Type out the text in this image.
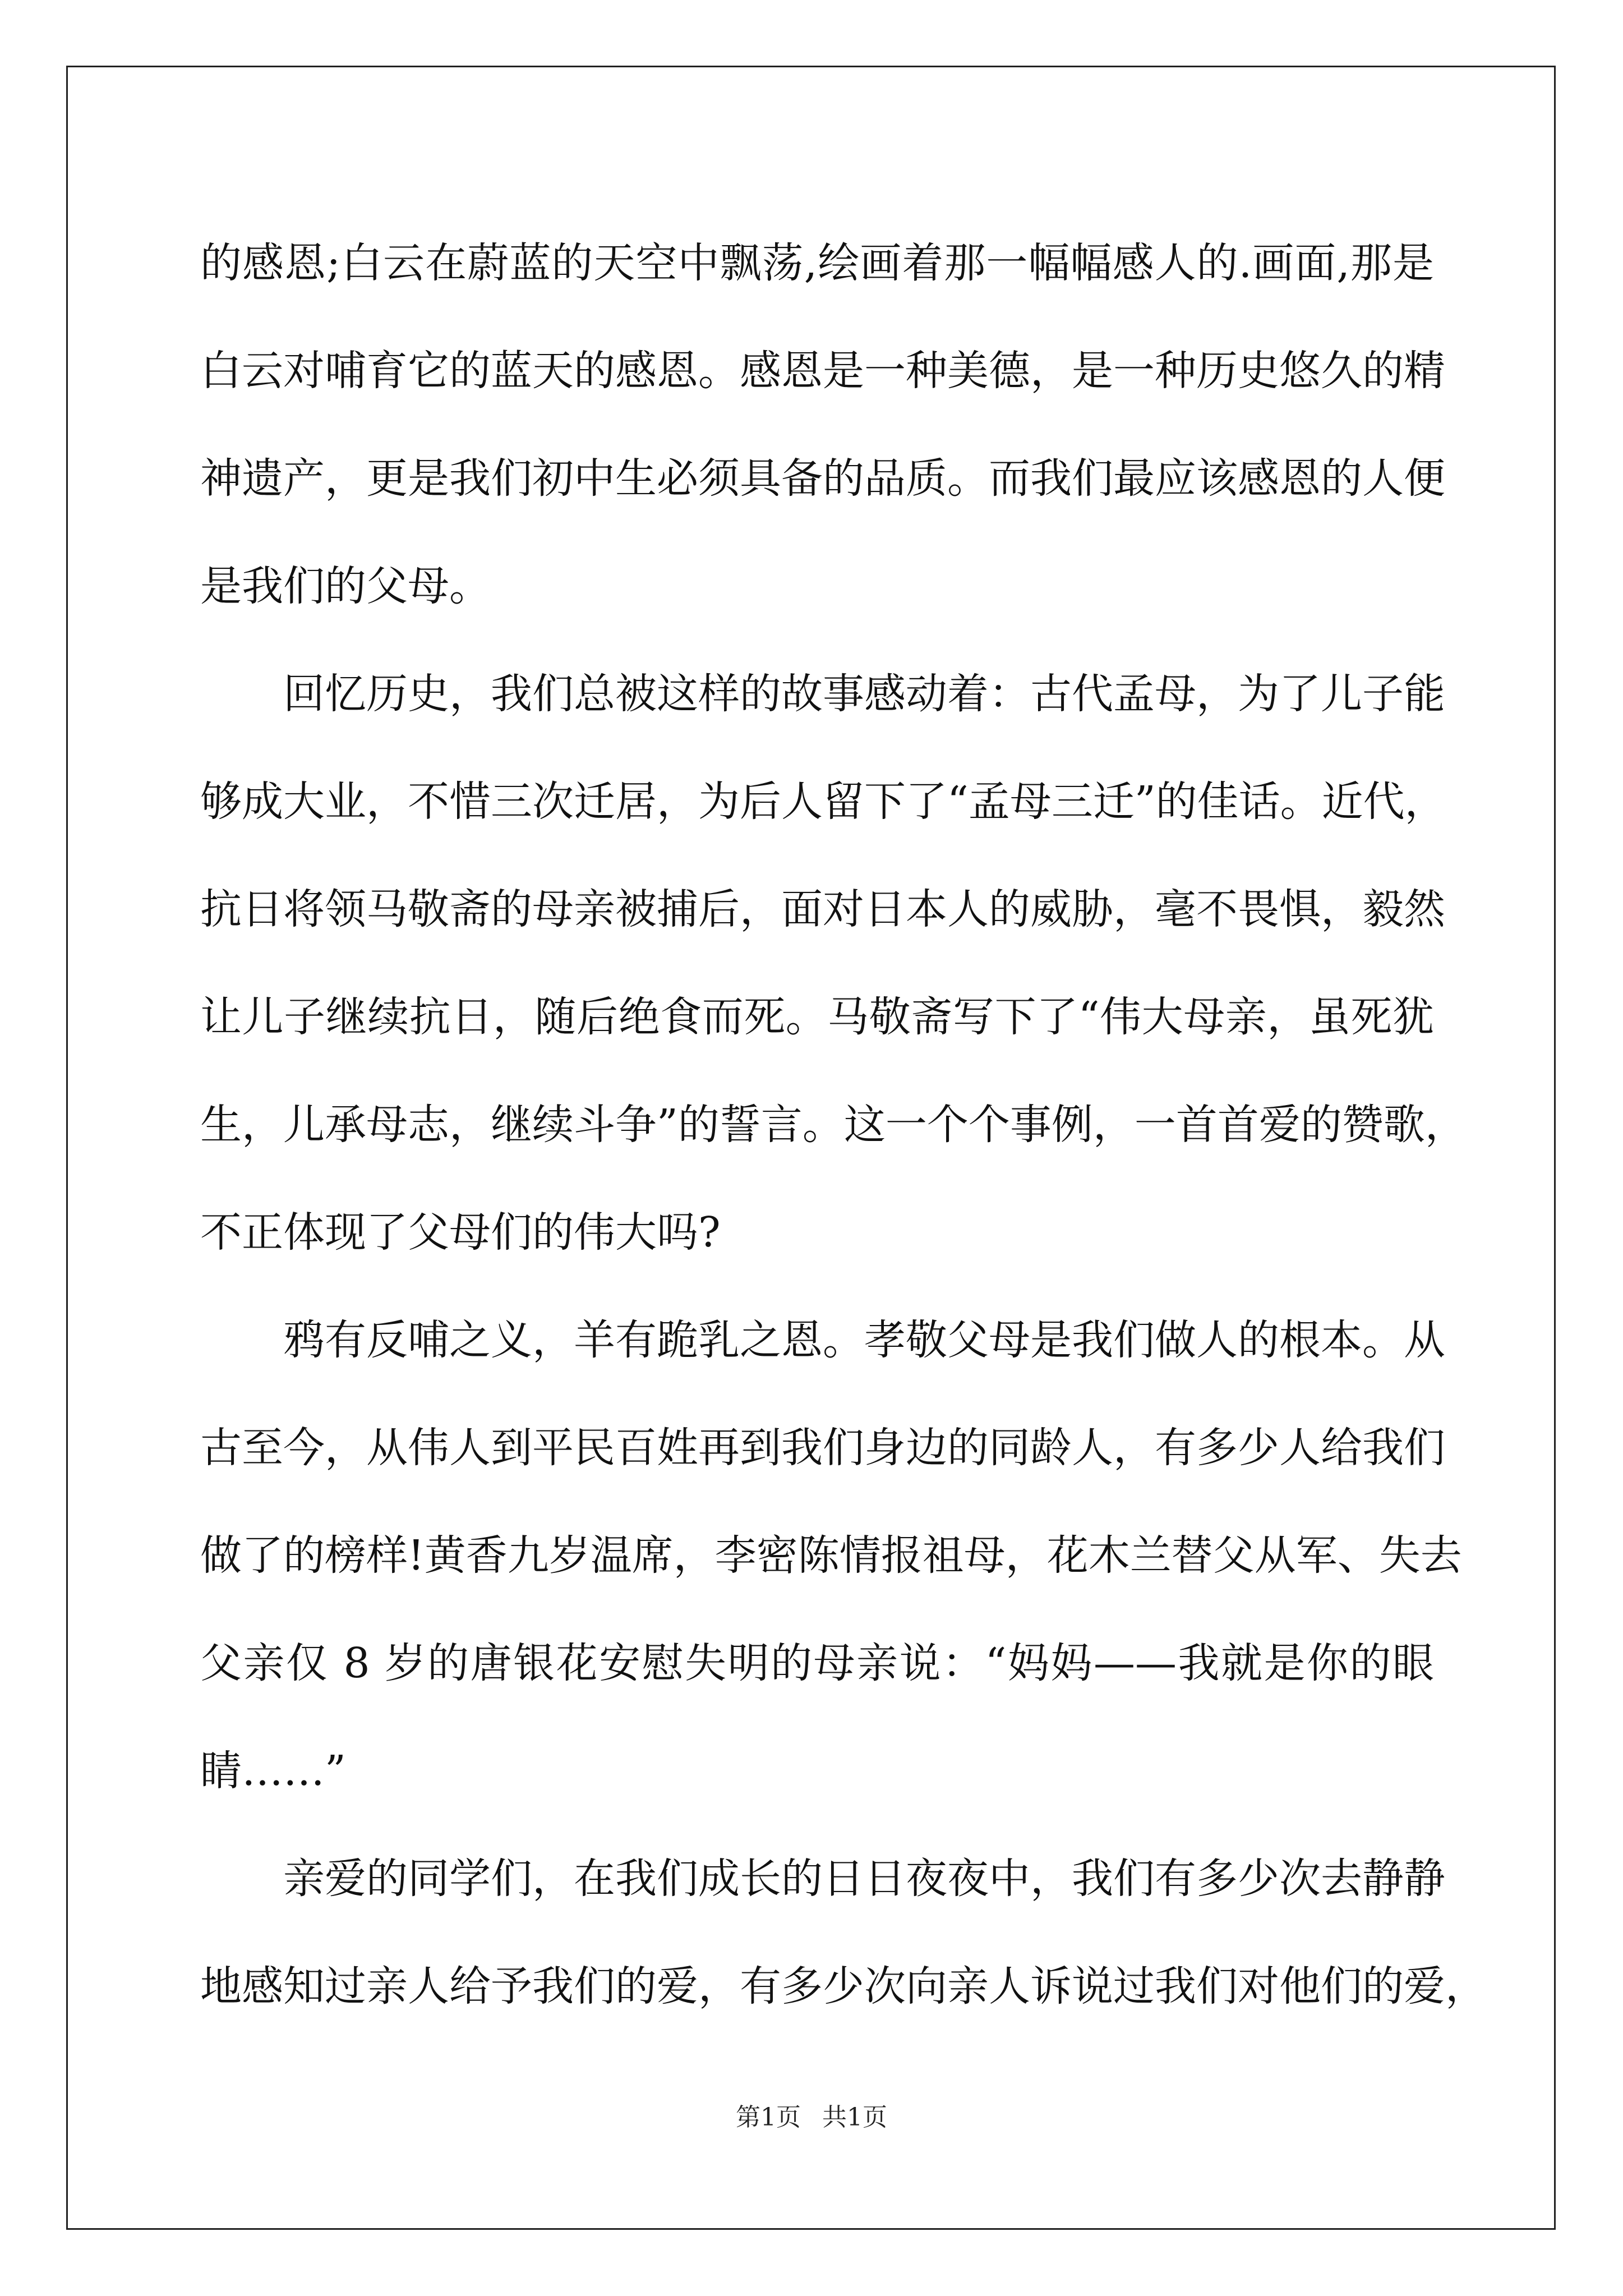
的感恩;白云在蔚蓝的天空中飘荡,绘画着那一幅幅感人的.画面,那是
白云对哺育它的蓝天的感恩。感恩是一种美德，是一种历史悠久的精
神遗产，更是我们初中生必须具备的品质。而我们最应该感恩的人便
是我们的父母。
回忆历史，我们总被这样的故事感动着：古代孟母，为了儿子能
够成大业，不惜三次迁居，为后人留下了“孟母三迁”的佳话。近代，
抗日将领马敬斋的母亲被捕后，面对日本人的威胁，毫不畏惧，毅然
让儿子继续抗日，随后绝食而死。马敬斋写下了“伟大母亲，虽死犹
生，儿承母志，继续斗争”的誓言。这一个个事例，一首首爱的赞歌，
不正体现了父母们的伟大吗?
鸦有反哺之义，羊有跪乳之恩。孝敬父母是我们做人的根本。从
古至今，从伟人到平民百姓再到我们身边的同龄人，有多少人给我们
做了的榜样!黄香九岁温席，李密陈情报祖母，花木兰替父从军、失去
父亲仅 8 岁的唐银花安慰失明的母亲说：“妈妈——我就是你的眼
睛……”
亲爱的同学们，在我们成长的日日夜夜中，我们有多少次去静静
地感知过亲人给予我们的爱，有多少次向亲人诉说过我们对他们的爱，
第1页 共1页
